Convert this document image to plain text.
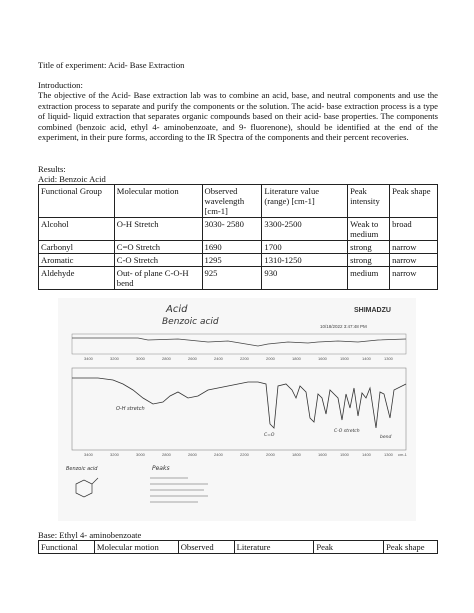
Title of experiment: Acid- Base Extraction
Introduction:
The objective of the Acid- Base extraction lab was to combine an acid, base, and neutral components and use the extraction process to separate and purify the components or the solution. The acid- base extraction process is a type of liquid- liquid extraction that separates organic compounds based on their acid- base properties. The components combined (benzoic acid, ethyl 4- aminobenzoate, and 9- fluorenone), should be identified at the end of the experiment, in their pure forms, according to the IR Spectra of the components and their percent recoveries.
Results:
Acid: Benzoic Acid
Functional Group	Molecular motion	Observed wavelength [cm-1]	Literature value (range) [cm-1]	Peak intensity	Peak shape
Alcohol	O-H Stretch	3030- 2580	3300-2500	Weak to medium	broad
Carbonyl	C=O Stretch	1690	1700	strong	narrow
Aromatic	C-O Stretch	1295	1310-1250	strong	narrow
Aldehyde	Out- of plane C-O-H bend	925	930	medium	narrow
Acid
Benzoic acid
SHIMADZU
10/18/2022 3:47:48 PM
3400	3200	3000	2800	2600	2400	2200	2000	1800	1600	1500	1400	1300
O-H stretch
C=O
C-O stretch
bend
3400	3200	3000	2800	2600	2400	2200	2000	1800	1600	1500	1400	1300 cm-1
Benzoic acid	Peaks
Base: Ethyl 4- aminobenzoate
Functional	Molecular motion	Observed	Literature	Peak	Peak shape
